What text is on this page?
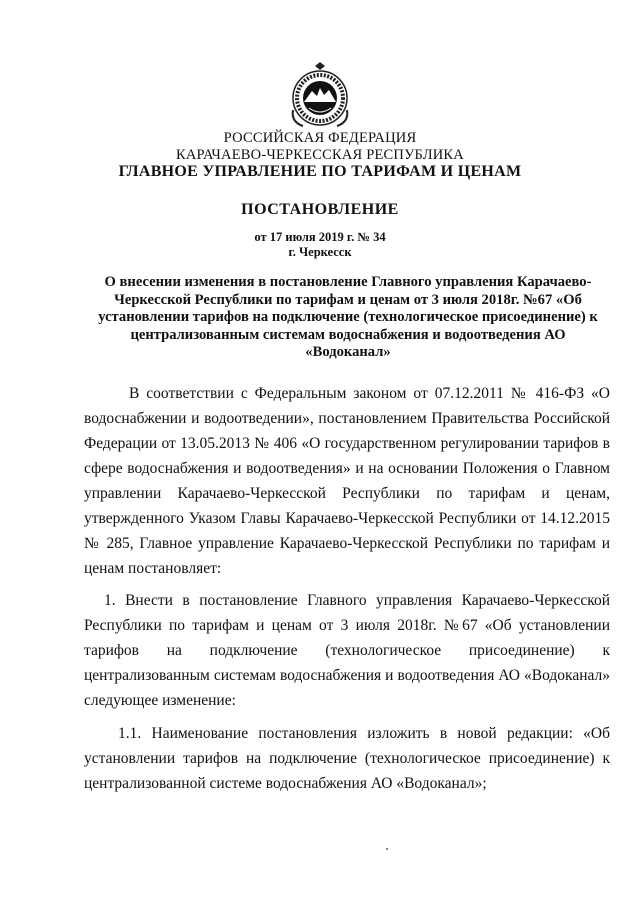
РОССИЙСКАЯ ФЕДЕРАЦИЯ
КАРАЧАЕВО-ЧЕРКЕССКАЯ РЕСПУБЛИКА
ГЛАВНОЕ УПРАВЛЕНИЕ ПО ТАРИФАМ И ЦЕНАМ
ПОСТАНОВЛЕНИЕ
от 17 июля 2019 г. № 34
г. Черкесск
О внесении изменения в постановление Главного управления Карачаево-
Черкесской Республики по тарифам и ценам от 3 июля 2018г. №67 «Об
установлении тарифов на подключение (технологическое присоединение) к
централизованным системам водоснабжения и водоотведения АО
«Водоканал»
В соответствии с Федеральным законом от 07.12.2011 № 416-ФЗ «О
водоснабжении и водоотведении», постановлением Правительства Российской
Федерации от 13.05.2013 № 406 «О государственном регулировании тарифов в
сфере водоснабжения и водоотведения» и на основании Положения о Главном
управлении Карачаево-Черкесской Республики по тарифам и ценам,
утвержденного Указом Главы Карачаево-Черкесской Республики от 14.12.2015
№ 285, Главное управление Карачаево-Черкесской Республики по тарифам и
ценам постановляет:
1. Внести в постановление Главного управления Карачаево-Черкесской
Республики по тарифам и ценам от 3 июля 2018г. №67 «Об установлении
тарифов на подключение (технологическое присоединение) к
централизованным системам водоснабжения и водоотведения АО «Водоканал»
следующее изменение:
1.1. Наименование постановления изложить в новой редакции: «Об
установлении тарифов на подключение (технологическое присоединение) к
централизованной системе водоснабжения АО «Водоканал»;
